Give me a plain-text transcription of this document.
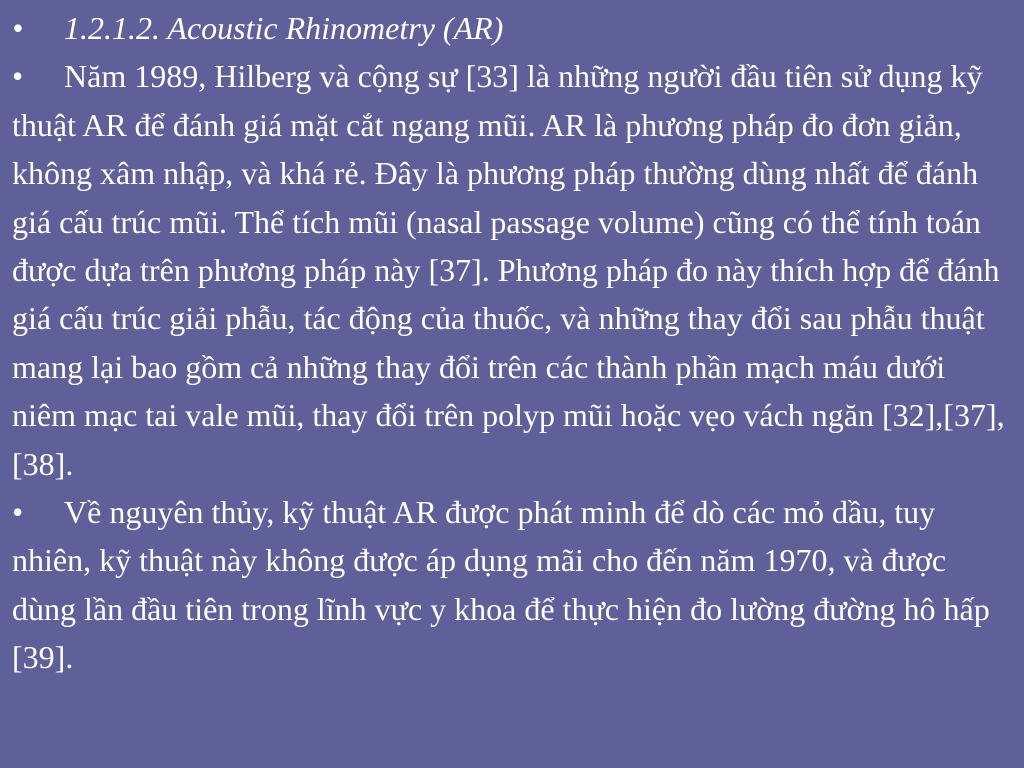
• 1.2.1.2. Acoustic Rhinometry (AR)

• Năm 1989, Hilberg và cộng sự [33] là những người đầu tiên sử dụng kỹ thuật AR để đánh giá mặt cắt ngang mũi. AR là phương pháp đo đơn giản, không xâm nhập, và khá rẻ. Đây là phương pháp thường dùng nhất để đánh giá cấu trúc mũi. Thể tích mũi (nasal passage volume) cũng có thể tính toán được dựa trên phương pháp này [37]. Phương pháp đo này thích hợp để đánh giá cấu trúc giải phẫu, tác động của thuốc, và những thay đổi sau phẫu thuật mang lại bao gồm cả những thay đổi trên các thành phần mạch máu dưới niêm mạc tai vale mũi, thay đổi trên polyp mũi hoặc vẹo vách ngăn [32],[37],[38].

• Về nguyên thủy, kỹ thuật AR được phát minh để dò các mỏ dầu, tuy nhiên, kỹ thuật này không được áp dụng mãi cho đến năm 1970, và được dùng lần đầu tiên trong lĩnh vực y khoa để thực hiện đo lường đường hô hấp [39].
